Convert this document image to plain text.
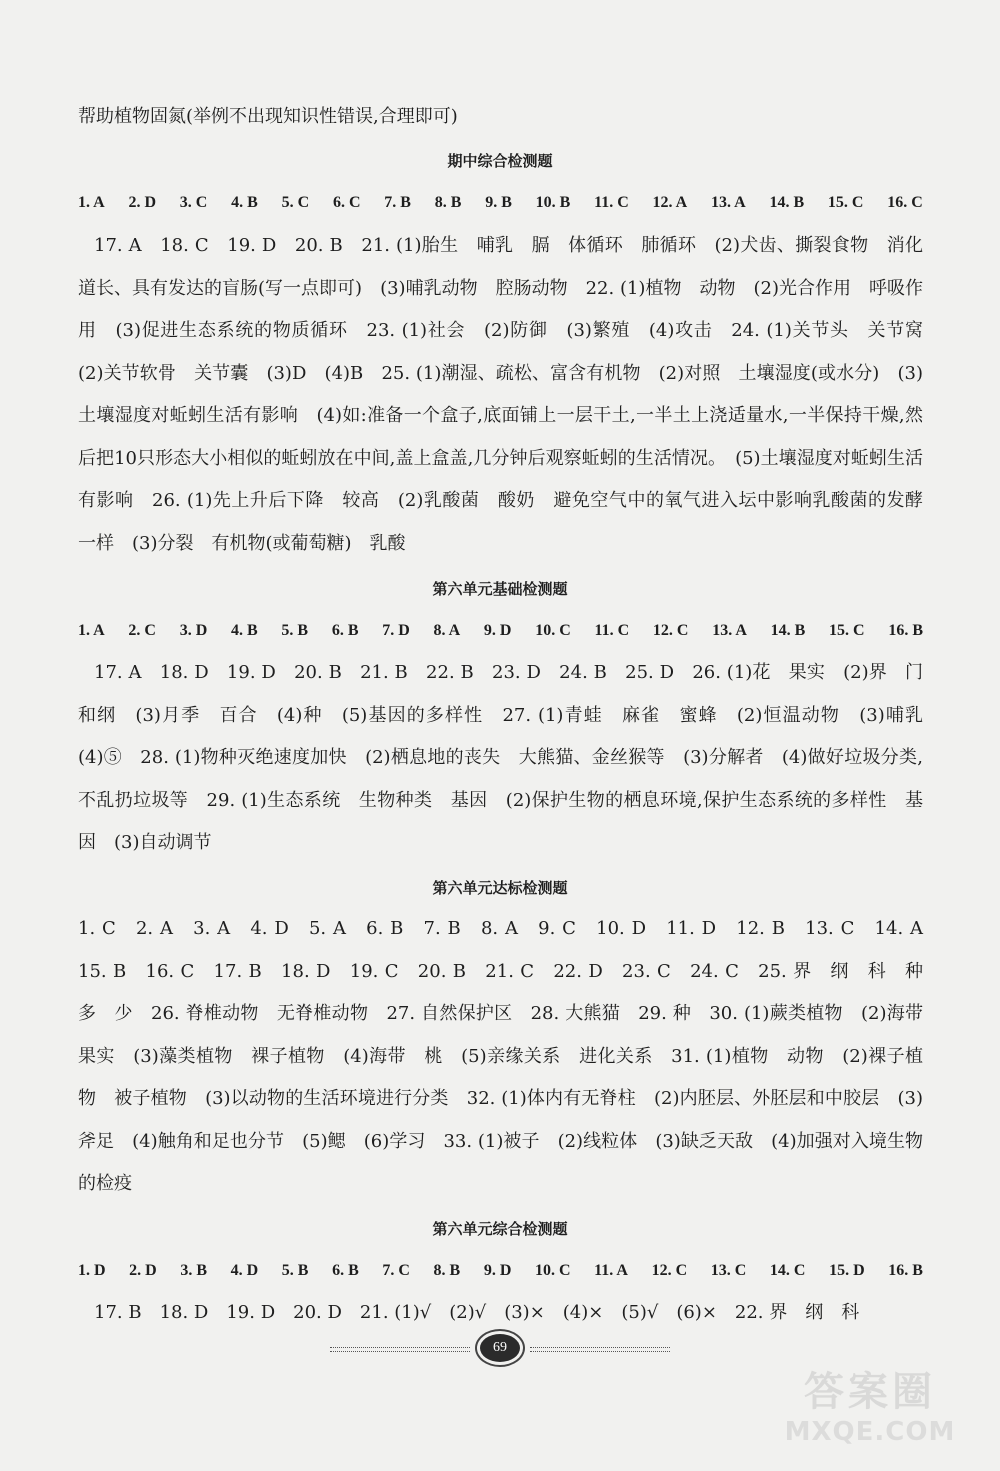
帮助植物固氮(举例不出现知识性错误,合理即可)
期中综合检测题
1. A 2. D 3. C 4. B 5. C 6. C 7. B 8. B 9. B 10. B 11. C 12. A 13. A 14. B 15. C 16. C
17. A　18. C　19. D　20. B　21. (1)胎生　哺乳　膈　体循环　肺循环　(2)犬齿、撕裂食物　消化道长、具有发达的盲肠(写一点即可)　(3)哺乳动物　腔肠动物　22. (1)植物　动物　(2)光合作用　呼吸作用　(3)促进生态系统的物质循环　23. (1)社会　(2)防御　(3)繁殖　(4)攻击　24. (1)关节头　关节窝　(2)关节软骨　关节囊　(3)D　(4)B　25. (1)潮湿、疏松、富含有机物　(2)对照　土壤湿度(或水分)　(3)土壤湿度对蚯蚓生活有影响　(4)如:准备一个盒子,底面铺上一层干土,一半土上浇适量水,一半保持干燥,然后把10只形态大小相似的蚯蚓放在中间,盖上盒盖,几分钟后观察蚯蚓的生活情况。　(5)土壤湿度对蚯蚓生活有影响　26. (1)先上升后下降　较高　(2)乳酸菌　酸奶　避免空气中的氧气进入坛中影响乳酸菌的发酵　一样　(3)分裂　有机物(或葡萄糖)　乳酸
第六单元基础检测题
1. A 2. C 3. D 4. B 5. B 6. B 7. D 8. A 9. D 10. C 11. C 12. C 13. A 14. B 15. C 16. B
17. A　18. D　19. D　20. B　21. B　22. B　23. D　24. B　25. D　26. (1)花　果实　(2)界　门和纲　(3)月季　百合　(4)种　(5)基因的多样性　27. (1)青蛙　麻雀　蜜蜂　(2)恒温动物　(3)哺乳　(4)⑤　28. (1)物种灭绝速度加快　(2)栖息地的丧失　大熊猫、金丝猴等　(3)分解者　(4)做好垃圾分类,不乱扔垃圾等　29. (1)生态系统　生物种类　基因　(2)保护生物的栖息环境,保护生态系统的多样性　基因　(3)自动调节
第六单元达标检测题
1. C　2. A　3. A　4. D　5. A　6. B　7. B　8. A　9. C　10. D　11. D　12. B　13. C　14. A　15. B　16. C　17. B　18. D　19. C　20. B　21. C　22. D　23. C　24. C　25. 界　纲　科　种　多　少　26. 脊椎动物　无脊椎动物　27. 自然保护区　28. 大熊猫　29. 种　30. (1)蕨类植物　(2)海带　果实　(3)藻类植物　裸子植物　(4)海带　桃　(5)亲缘关系　进化关系　31. (1)植物　动物　(2)裸子植物　被子植物　(3)以动物的生活环境进行分类　32. (1)体内有无脊柱　(2)内胚层、外胚层和中胶层　(3)斧足　(4)触角和足也分节　(5)鳃　(6)学习　33. (1)被子　(2)线粒体　(3)缺乏天敌　(4)加强对入境生物的检疫
第六单元综合检测题
1. D 2. D 3. B 4. D 5. B 6. B 7. C 8. B 9. D 10. C 11. A 12. C 13. C 14. C 15. D 16. B
17. B　18. D　19. D　20. D　21. (1)√　(2)√　(3)×　(4)×　(5)√　(6)×　22. 界　纲　科
69
答案圈
MXQE.COM
